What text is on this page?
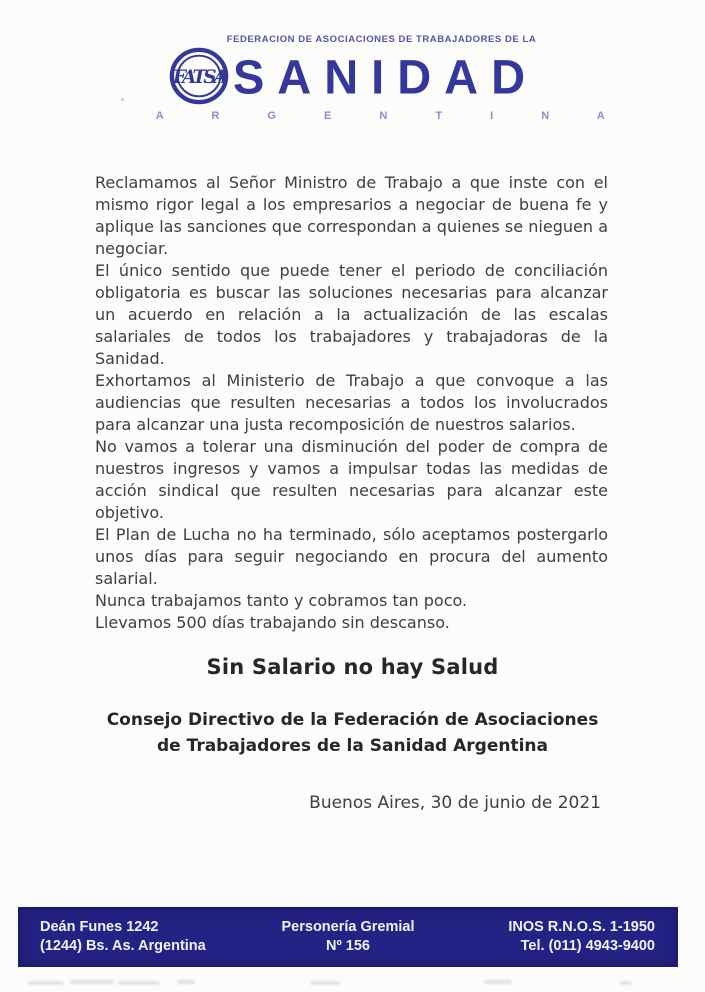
FEDERACION DE ASOCIACIONES DE TRABAJADORES DE LA
FATSA SANIDAD
A R G E N T I N A

Reclamamos al Señor Ministro de Trabajo a que inste con el mismo rigor legal a los empresarios a negociar de buena fe y aplique las sanciones que correspondan a quienes se nieguen a negociar.

El único sentido que puede tener el periodo de conciliación obligatoria es buscar las soluciones necesarias para alcanzar un acuerdo en relación a la actualización de las escalas salariales de todos los trabajadores y trabajadoras de la Sanidad.

Exhortamos al Ministerio de Trabajo a que convoque a las audiencias que resulten necesarias a todos los involucrados para alcanzar una justa recomposición de nuestros salarios.

No vamos a tolerar una disminución del poder de compra de nuestros ingresos y vamos a impulsar todas las medidas de acción sindical que resulten necesarias para alcanzar este objetivo.

El Plan de Lucha no ha terminado, sólo aceptamos postergarlo unos días para seguir negociando en procura del aumento salarial.

Nunca trabajamos tanto y cobramos tan poco.

Llevamos 500 días trabajando sin descanso.

Sin Salario no hay Salud
Consejo Directivo de la Federación de Asociaciones
de Trabajadores de la Sanidad Argentina
Buenos Aires, 30 de junio de 2021
Deán Funes 1242
(1244) Bs. As. Argentina
Personería Gremial
Nº 156
INOS R.N.O.S. 1-1950
Tel. (011) 4943-9400
